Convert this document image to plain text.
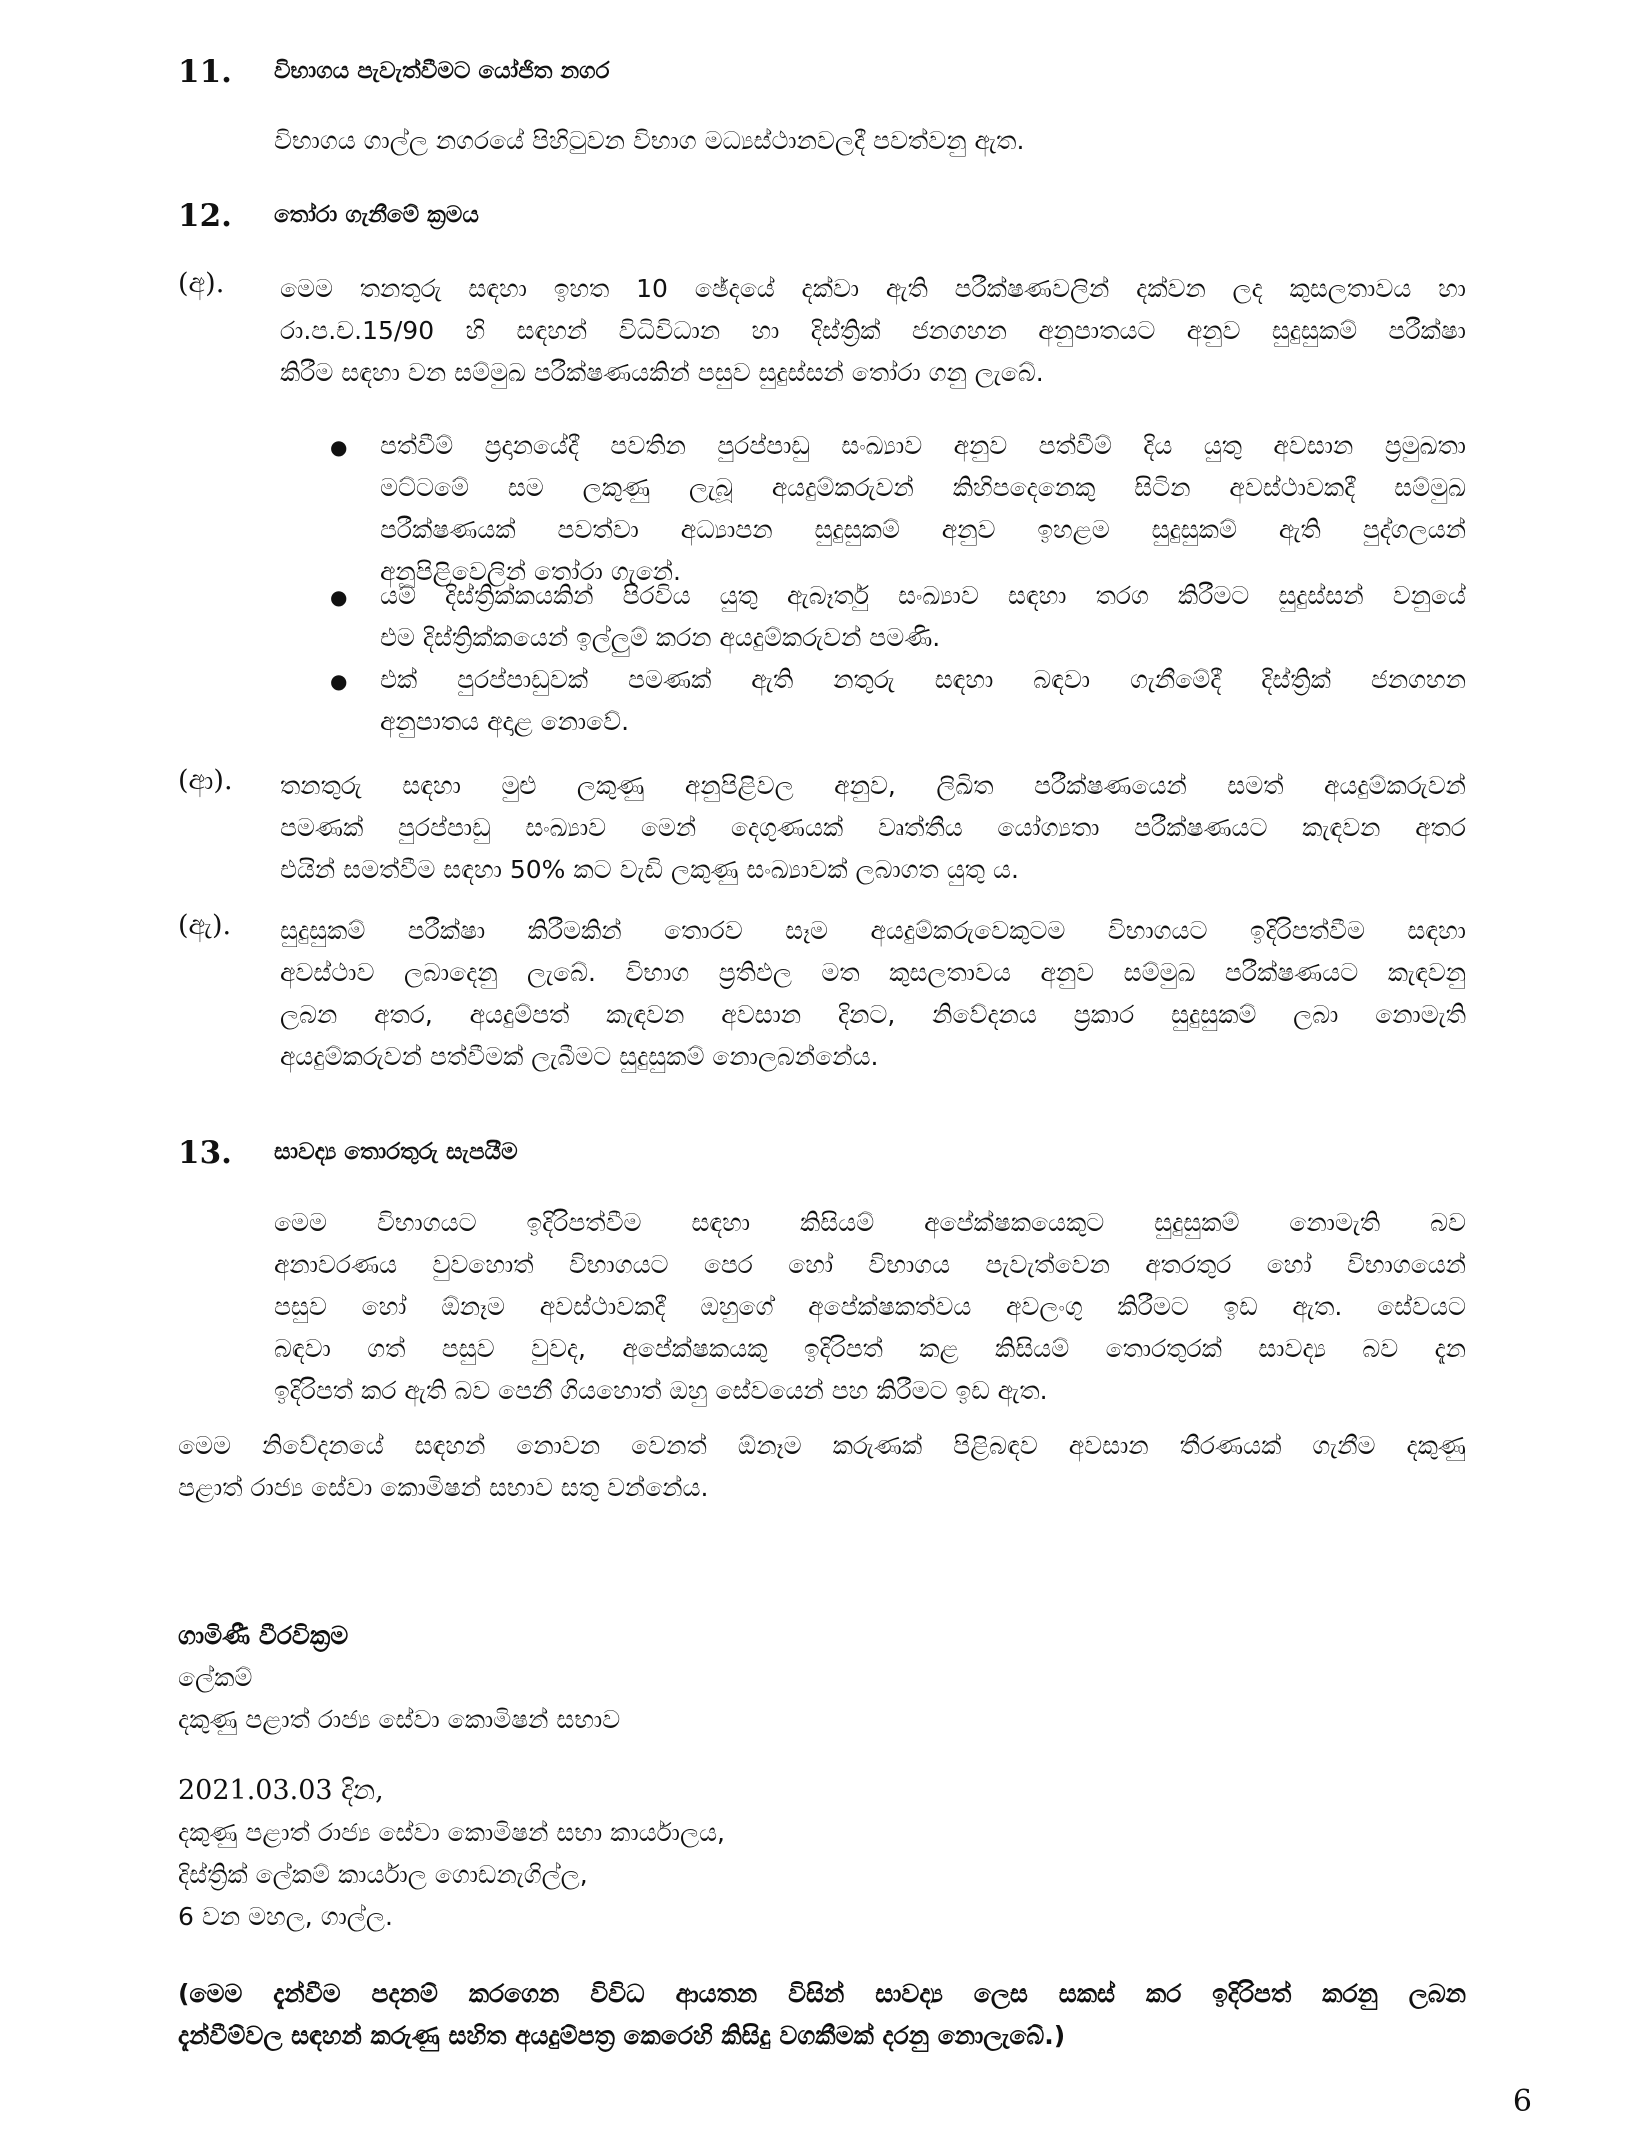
11. විභාගය පැවැත්වීමට යෝජිත නගර
විභාගය ගාල්ල නගරයේ පිහිටුවන විභාග මධ්‍යස්ථානවලදී පවත්වනු ඇත.
12. තෝරා ගැනීමේ ක්‍රමය
(අ). මෙම තනතුරු සඳහා ඉහත 10 ඡේදයේ දක්වා ඇති පරීක්ෂණවලින් දක්වන ලද කුසලතාවය හා
රා.ප.ච.15/90 හි සඳහන් විධිවිධාන හා දිස්ත්‍රික් ජනගහන අනුපාතයට අනුව සුදුසුකම් පරීක්ෂා
කිරීම සඳහා වන සම්මුඛ පරීක්ෂණයකින් පසුව සුදුස්සන් තෝරා ගනු ලැබේ.
● පත්වීම් ප්‍රදානයේදී පවතින පුරප්පාඩු සංඛ්‍යාව අනුව පත්වීම් දිය යුතු අවසාන ප්‍රමුඛතා
මට්ටමේ සම ලකුණු ලැබූ අයදුම්කරුවන් කිහිපදෙනෙකු සිටින අවස්ථාවකදී සම්මුඛ
පරීක්ෂණයක් පවත්වා අධ්‍යාපන සුදුසුකම් අනුව ඉහළම සුදුසුකම් ඇති පුද්ගලයන්
අනුපිළිවෙලින් තෝරා ගැනේ.
● යම් දිස්ත්‍රික්කයකින් පිරවිය යුතු ඇබෑර්තු සංඛ්‍යාව සඳහා තරග කිරීමට සුදුස්සන් වනුයේ
එම දිස්ත්‍රික්කයෙන් ඉල්ලුම් කරන අයදුම්කරුවන් පමණි.
● එක් පුරප්පාඩුවක් පමණක් ඇති නතුරු සඳහා බඳවා ගැනීමේදී දිස්ත්‍රික් ජනගහන
අනුපාතය අදාළ නොවේ.
(ආ). තනතුරු සඳහා මුළු ලකුණු අනුපිළිවල අනුව, ලිඛිත පරීක්ෂණයෙන් සමත් අයදුම්කරුවන්
පමණක් පුරප්පාඩු සංඛ්‍යාව මෙන් දෙගුණයක් වෘත්තීය යෝග්‍යතා පරීක්ෂණයට කැඳවන අතර
එයින් සමත්වීම සඳහා 50% කට වැඩි ලකුණු සංඛ්‍යාවක් ලබාගත යුතු ය.
(ඇ). සුදුසුකම් පරීක්ෂා කිරීමකින් තොරව සෑම අයදුම්කරුවෙකුටම විභාගයට ඉදිරිපත්වීම සඳහා
අවස්ථාව ලබාදෙනු ලැබේ. විභාග ප්‍රතිඵල මත කුසලතාවය අනුව සම්මුඛ පරීක්ෂණයට කැඳවනු
ලබන අතර, අයදුම්පත් කැඳවන අවසාන දිනට, නිවේදනය ප්‍රකාර සුදුසුකම් ලබා නොමැති
අයදුම්කරුවන් පත්වීමක් ලැබීමට සුදුසුකම් නොලබන්නේය.
13. සාවද්‍ය තොරතුරු සැපයීම
මෙම විභාගයට ඉදිරිපත්වීම සඳහා කිසියම් අපේක්ෂකයෙකුට සුදුසුකම් නොමැති බව
අනාවරණය වුවහොත් විභාගයට පෙර හෝ විභාගය පැවැත්වෙන අතරතුර හෝ විභාගයෙන්
පසුව හෝ ඕනෑම අවස්ථාවකදී ඔහුගේ අපේක්ෂකත්වය අවලංගු කිරීමට ඉඩ ඇත. සේවයට
බඳවා ගත් පසුව වුවද, අපේක්ෂකයකු ඉදිරිපත් කළ කිසියම් තොරතුරක් සාවද්‍ය බව දැන
ඉදිරිපත් කර ඇති බව පෙනී ගියහොත් ඔහු සේවයෙන් පහ කිරීමට ඉඩ ඇත.
මෙම නිවේදනයේ සඳහන් නොවන වෙනත් ඕනෑම කරුණක් පිළිබඳව අවසාන තීරණයක් ගැනීම දකුණු
පළාත් රාජ්‍ය සේවා කොමිෂන් සභාව සතු වන්නේය.
ගාමිණී වීරවික්‍රම
ලේකම්
දකුණු පළාත් රාජ්‍ය සේවා කොමිෂන් සභාව
2021.03.03 දින,
දකුණු පළාත් රාජ්‍ය සේවා කොමිෂන් සභා කාර්යාලය,
දිස්ත්‍රික් ලේකම් කාර්යාල ගොඩනැගිල්ල,
6 වන මහල, ගාල්ල.
(මෙම දැන්වීම පදනම් කරගෙන විවිධ ආයතන විසින් සාවද්‍ය ලෙස සකස් කර ඉදිරිපත් කරනු ලබන
දැන්වීම්වල සඳහන් කරුණු සහිත අයදුම්පත්‍ර කෙරෙහි කිසිදු වගකීමක් දරනු නොලැබේ.)
6
